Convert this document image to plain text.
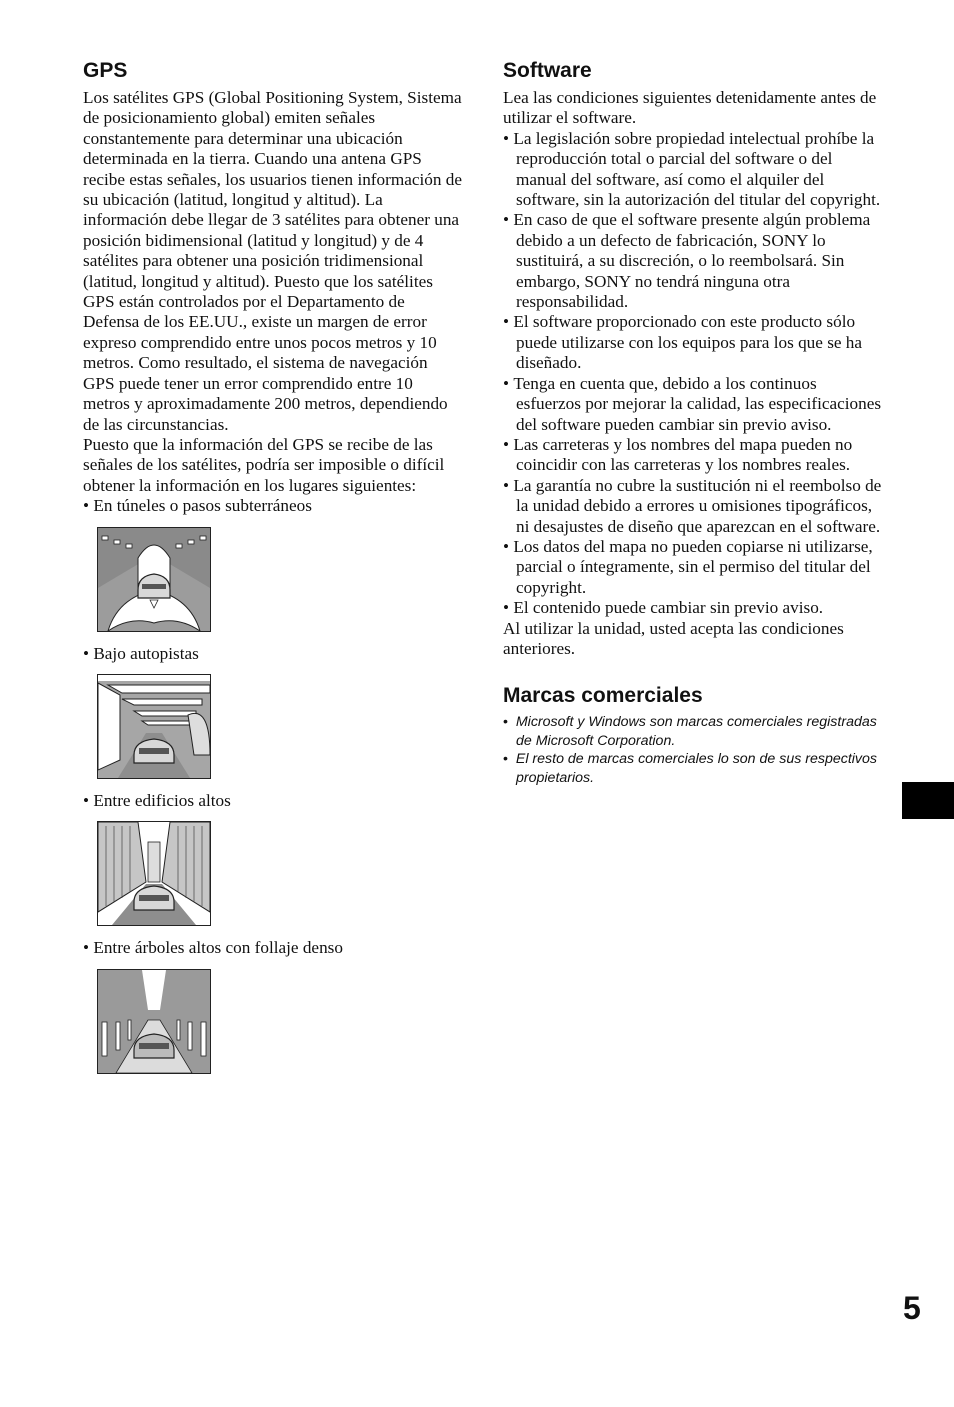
GPS

Los satélites GPS (Global Positioning System, Sistema de posicionamiento global) emiten señales constantemente para determinar una ubicación determinada en la tierra. Cuando una antena GPS recibe estas señales, los usuarios tienen información de su ubicación (latitud, longitud y altitud). La información debe llegar de 3 satélites para obtener una posición bidimensional (latitud y longitud) y de 4 satélites para obtener una posición tridimensional (latitud, longitud y altitud). Puesto que los satélites GPS están controlados por el Departamento de Defensa de los EE.UU., existe un margen de error expreso comprendido entre unos pocos metros y 10 metros. Como resultado, el sistema de navegación GPS puede tener un error comprendido entre 10 metros y aproximadamente 200 metros, dependiendo de las circunstancias.

Puesto que la información del GPS se recibe de las señales de los satélites, podría ser imposible o difícil obtener la información en los lugares siguientes:

• En túneles o pasos subterráneos

• Bajo autopistas

• Entre edificios altos

• Entre árboles altos con follaje denso

Software

Lea las condiciones siguientes detenidamente antes de utilizar el software.

• La legislación sobre propiedad intelectual prohíbe la reproducción total o parcial del software o del manual del software, así como el alquiler del software, sin la autorización del titular del copyright.
• En caso de que el software presente algún problema debido a un defecto de fabricación, SONY lo sustituirá, a su discreción, o lo reembolsará. Sin embargo, SONY no tendrá ninguna otra responsabilidad.
• El software proporcionado con este producto sólo puede utilizarse con los equipos para los que se ha diseñado.
• Tenga en cuenta que, debido a los continuos esfuerzos por mejorar la calidad, las especificaciones del software pueden cambiar sin previo aviso.
• Las carreteras y los nombres del mapa pueden no coincidir con las carreteras y los nombres reales.
• La garantía no cubre la sustitución ni el reembolso de la unidad debido a errores u omisiones tipográficos, ni desajustes de diseño que aparezcan en el software.
• Los datos del mapa no pueden copiarse ni utilizarse, parcial o íntegramente, sin el permiso del titular del copyright.
• El contenido puede cambiar sin previo aviso.

Al utilizar la unidad, usted acepta las condiciones anteriores.

Marcas comerciales
•  Microsoft y Windows son marcas comerciales registradas de Microsoft Corporation.
•  El resto de marcas comerciales lo son de sus respectivos propietarios.
5
